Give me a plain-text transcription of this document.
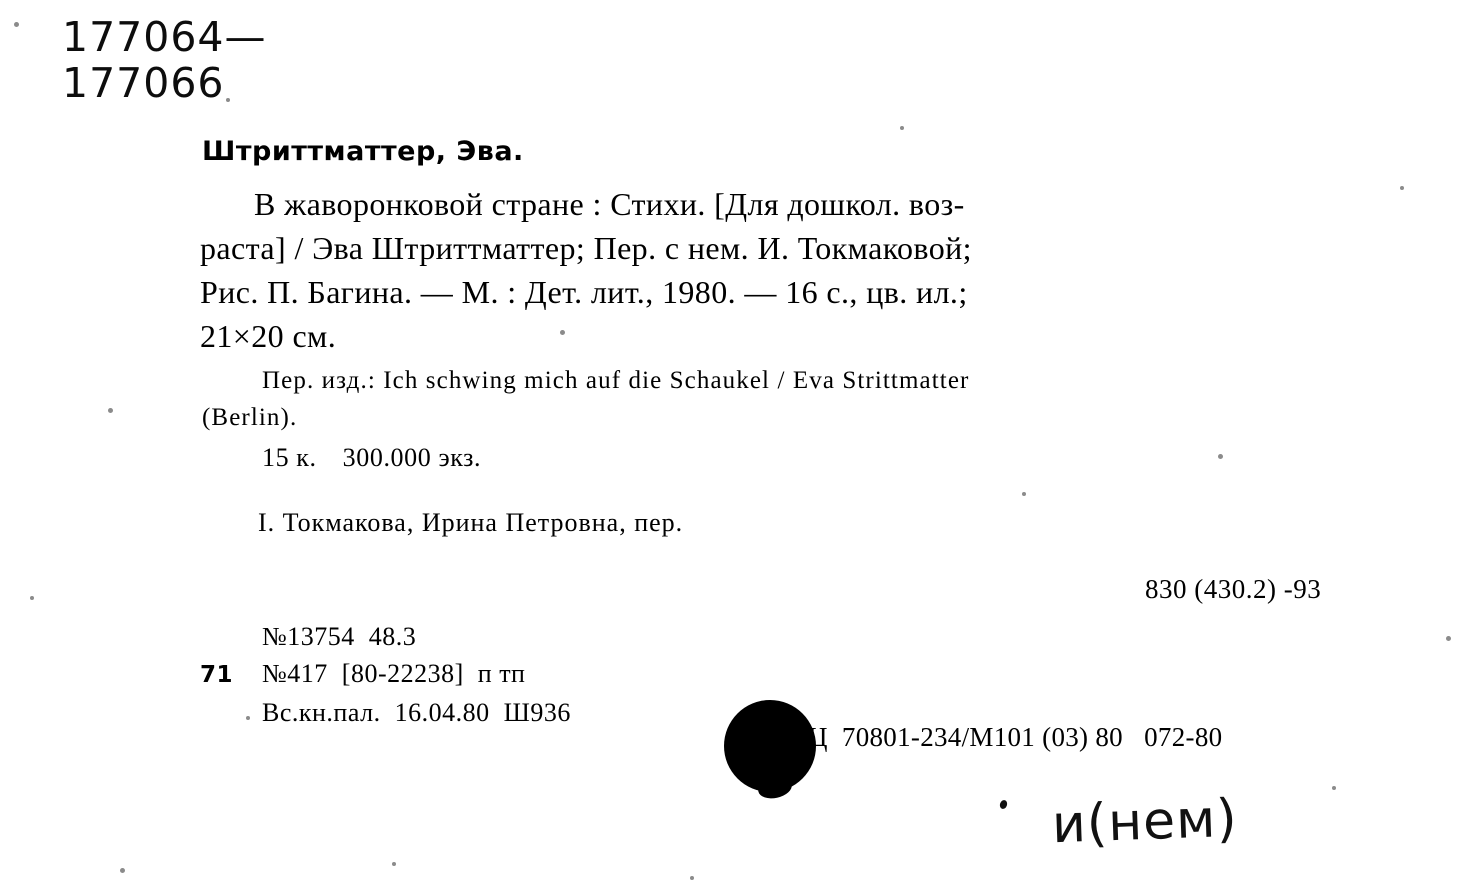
177064—
177066
Штриттматтер, Эва.
В жаворонковой стране : Стихи. [Для дошкол. воз-
раста] / Эва Штриттматтер; Пер. с нем. И. Токмаковой;
Рис. П. Багина. — М. : Дет. лит., 1980. — 16 с., цв. ил.;
21×20 см.
Пер. изд.: Ich schwing mich auf die Schaukel / Eva Strittmatter
(Berlin).
15 к. 300.000 экз.
I. Токмакова, Ирина Петровна, пер.
830 (430.2) -93
№13754  48.3
71 №417  [80-22238]  п тп
Вс.кн.пал.  16.04.80  Ш936
Ц  70801-234/М101 (03) 80   072-80
и(нем)
